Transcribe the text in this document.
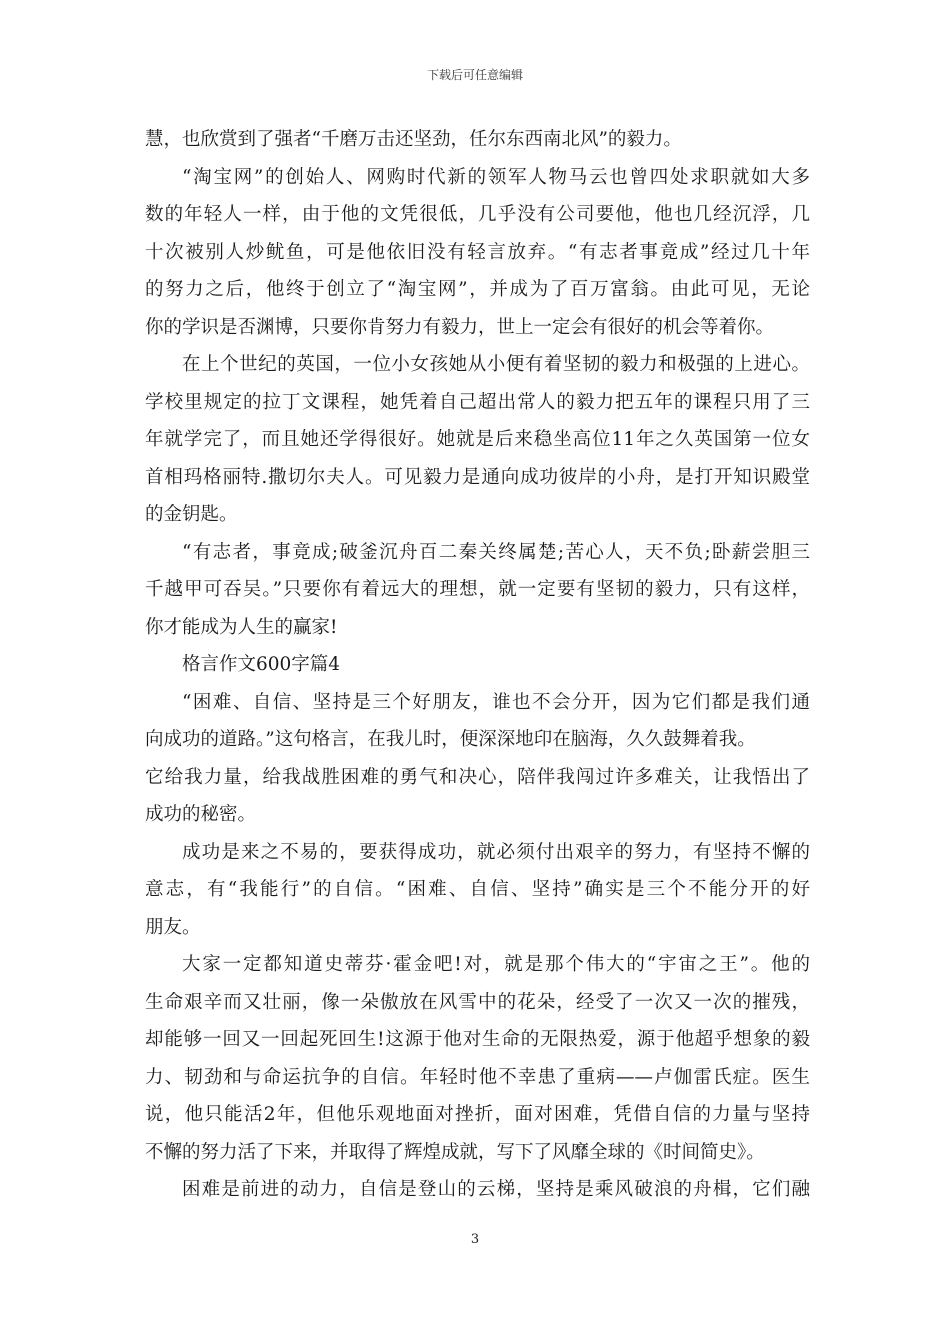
下载后可任意编辑
慧，也欣赏到了强者“千磨万击还坚劲，任尔东西南北风”的毅力。
“淘宝网”的创始人、网购时代新的领军人物马云也曾四处求职就如大多
数的年轻人一样，由于他的文凭很低，几乎没有公司要他，他也几经沉浮，几
十次被别人炒鱿鱼，可是他依旧没有轻言放弃。“有志者事竟成”经过几十年
的努力之后，他终于创立了“淘宝网”，并成为了百万富翁。由此可见，无论
你的学识是否渊博，只要你肯努力有毅力，世上一定会有很好的机会等着你。
在上个世纪的英国，一位小女孩她从小便有着坚韧的毅力和极强的上进心。
学校里规定的拉丁文课程，她凭着自己超出常人的毅力把五年的课程只用了三
年就学完了，而且她还学得很好。她就是后来稳坐高位11年之久英国第一位女
首相玛格丽特.撒切尔夫人。可见毅力是通向成功彼岸的小舟，是打开知识殿堂
的金钥匙。
“有志者，事竟成;破釜沉舟百二秦关终属楚;苦心人，天不负;卧薪尝胆三
千越甲可吞吴。”只要你有着远大的理想，就一定要有坚韧的毅力，只有这样，
你才能成为人生的赢家!
格言作文600字篇4
“困难、自信、坚持是三个好朋友，谁也不会分开，因为它们都是我们通
向成功的道路。”这句格言，在我儿时，便深深地印在脑海，久久鼓舞着我。
它给我力量，给我战胜困难的勇气和决心，陪伴我闯过许多难关，让我悟出了
成功的秘密。
成功是来之不易的，要获得成功，就必须付出艰辛的努力，有坚持不懈的
意志，有“我能行”的自信。“困难、自信、坚持”确实是三个不能分开的好
朋友。
大家一定都知道史蒂芬·霍金吧!对，就是那个伟大的“宇宙之王”。他的
生命艰辛而又壮丽，像一朵傲放在风雪中的花朵，经受了一次又一次的摧残，
却能够一回又一回起死回生!这源于他对生命的无限热爱，源于他超乎想象的毅
力、韧劲和与命运抗争的自信。年轻时他不幸患了重病——卢伽雷氏症。医生
说，他只能活2年，但他乐观地面对挫折，面对困难，凭借自信的力量与坚持
不懈的努力活了下来，并取得了辉煌成就，写下了风靡全球的《时间简史》。
困难是前进的动力，自信是登山的云梯，坚持是乘风破浪的舟楫，它们融
3
